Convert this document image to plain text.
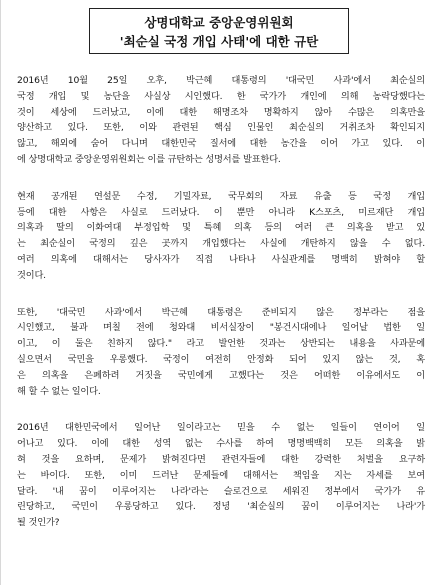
상명대학교 중앙운영위원회
'최순실 국정 개입 사태'에 대한 규탄

2016년 10월 25일 오후, 박근혜 대통령의 '대국민 사과'에서 최순실의
국정 개입 및 농단을 사실상 시인했다. 한 국가가 개인에 의해 농락당했다는
것이 세상에 드러났고, 이에 대한 해명조차 명확하지 않아 수많은 의혹만을
양산하고 있다. 또한, 이와 관련된 핵심 인물인 최순실의 거취조차 확인되지
않고, 해외에 숨어 다니며 대한민국 질서에 대한 농간을 이어 가고 있다. 이
에 상명대학교 중앙운영위원회는 이를 규탄하는 성명서를 발표한다.

현재 공개된 연설문 수정, 기밀자료, 국무회의 자료 유출 등 국정 개입
등에 대한 사항은 사실로 드러났다. 이 뿐만 아니라 K스포츠, 미르재단 개입
의혹과 딸의 이화여대 부정입학 및 특혜 의혹 등의 여러 큰 의혹을 받고 있
는 최순실이 국정의 깊은 곳까지 개입했다는 사실에 개탄하지 않을 수 없다.
여러 의혹에 대해서는 당사자가 직접 나타나 사실관계를 명백히 밝혀야 할
것이다.

또한, '대국민 사과'에서 박근혜 대통령은 준비되지 않은 정부라는 점을
시인했고, 불과 며칠 전에 청와대 비서실장이 "봉건시대에나 일어날 법한 일
이고, 이 둘은 친하지 않다." 라고 발언한 것과는 상반되는 내용을 사과문에
실으면서 국민을 우롱했다. 국정이 여전히 안정화 되어 있지 않는 것, 혹
은 의혹을 은폐하려 거짓을 국민에게 고했다는 것은 어떠한 이유에서도 이
해 할 수 없는 일이다.

2016년 대한민국에서 일어난 일이라고는 믿을 수 없는 일들이 연이어 일
어나고 있다. 이에 대한 성역 없는 수사를 하여 명명백백히 모든 의혹을 밝
혀 것을 요하며, 문제가 밝혀진다면 관련자들에 대한 강력한 처벌을 요구하
는 바이다. 또한, 이미 드러난 문제들에 대해서는 책임을 지는 자세를 보여
달라. '내 꿈이 이루어지는 나라'라는 슬로건으로 세워진 정부에서 국가가 유
린당하고, 국민이 우롱당하고 있다. 정녕 '최순실의 꿈이 이루어지는 나라'가
될 것인가?
